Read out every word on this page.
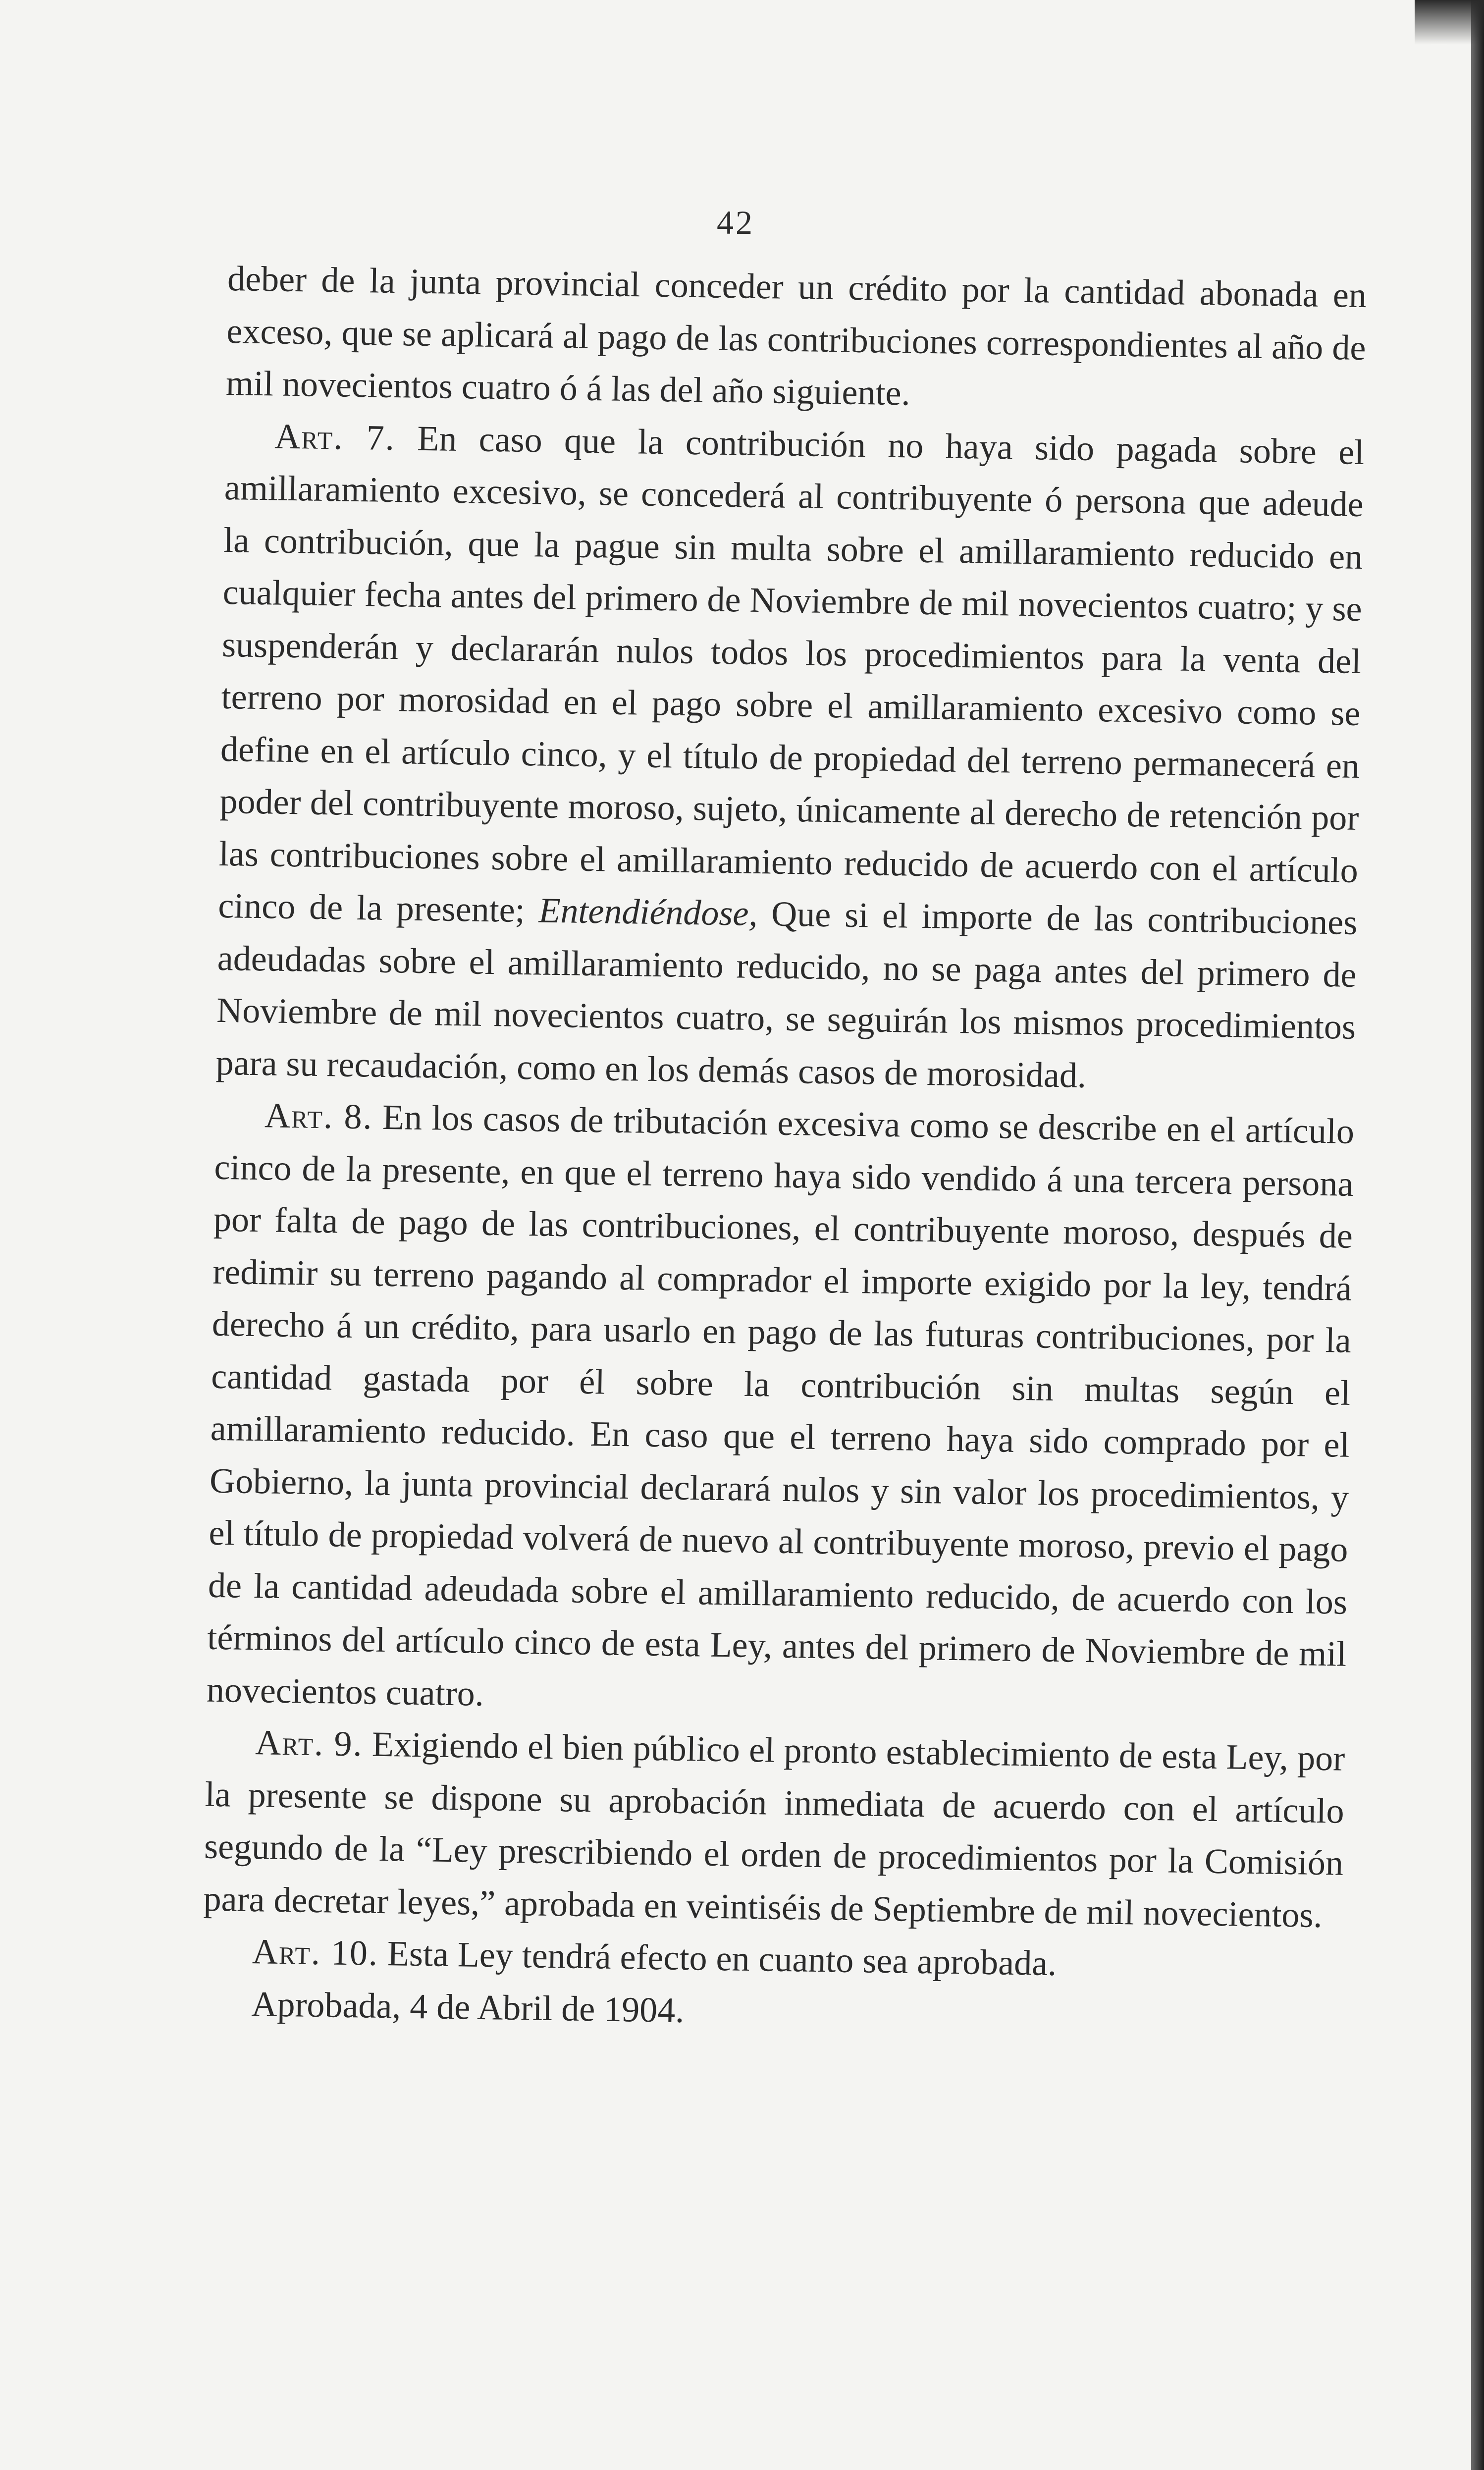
42

deber de la junta provincial conceder un crédito por la cantidad abonada en exceso, que se aplicará al pago de las contribuciones correspondientes al año de mil novecientos cuatro ó á las del año siguiente.

Art. 7. En caso que la contribución no haya sido pagada sobre el amillaramiento excesivo, se concederá al contribuyente ó persona que adeude la contribución, que la pague sin multa sobre el amillaramiento reducido en cualquier fecha antes del primero de Noviembre de mil novecientos cuatro; y se suspenderán y declararán nulos todos los procedimientos para la venta del terreno por morosidad en el pago sobre el amillaramiento excesivo como se define en el artículo cinco, y el título de propiedad del terreno permanecerá en poder del contribuyente moroso, sujeto, únicamente al derecho de retención por las contribuciones sobre el amillaramiento reducido de acuerdo con el artículo cinco de la presente; Entendiéndose, Que si el importe de las contribuciones adeudadas sobre el amillaramiento reducido, no se paga antes del primero de Noviembre de mil novecientos cuatro, se seguirán los mismos procedimientos para su recaudación, como en los demás casos de morosidad.

Art. 8. En los casos de tributación excesiva como se describe en el artículo cinco de la presente, en que el terreno haya sido vendido á una tercera persona por falta de pago de las contribuciones, el contribuyente moroso, después de redimir su terreno pagando al comprador el importe exigido por la ley, tendrá derecho á un crédito, para usarlo en pago de las futuras contribuciones, por la cantidad gastada por él sobre la contribución sin multas según el amillaramiento reducido. En caso que el terreno haya sido comprado por el Gobierno, la junta provincial declarará nulos y sin valor los procedimientos, y el título de propiedad volverá de nuevo al contribuyente moroso, previo el pago de la cantidad adeudada sobre el amillaramiento reducido, de acuerdo con los términos del artículo cinco de esta Ley, antes del primero de Noviembre de mil novecientos cuatro.

Art. 9. Exigiendo el bien público el pronto establecimiento de esta Ley, por la presente se dispone su aprobación inmediata de acuerdo con el artículo segundo de la “Ley prescribiendo el orden de procedimientos por la Comisión para decretar leyes,” aprobada en veintiséis de Septiembre de mil novecientos.

Art. 10. Esta Ley tendrá efecto en cuanto sea aprobada.

Aprobada, 4 de Abril de 1904.
